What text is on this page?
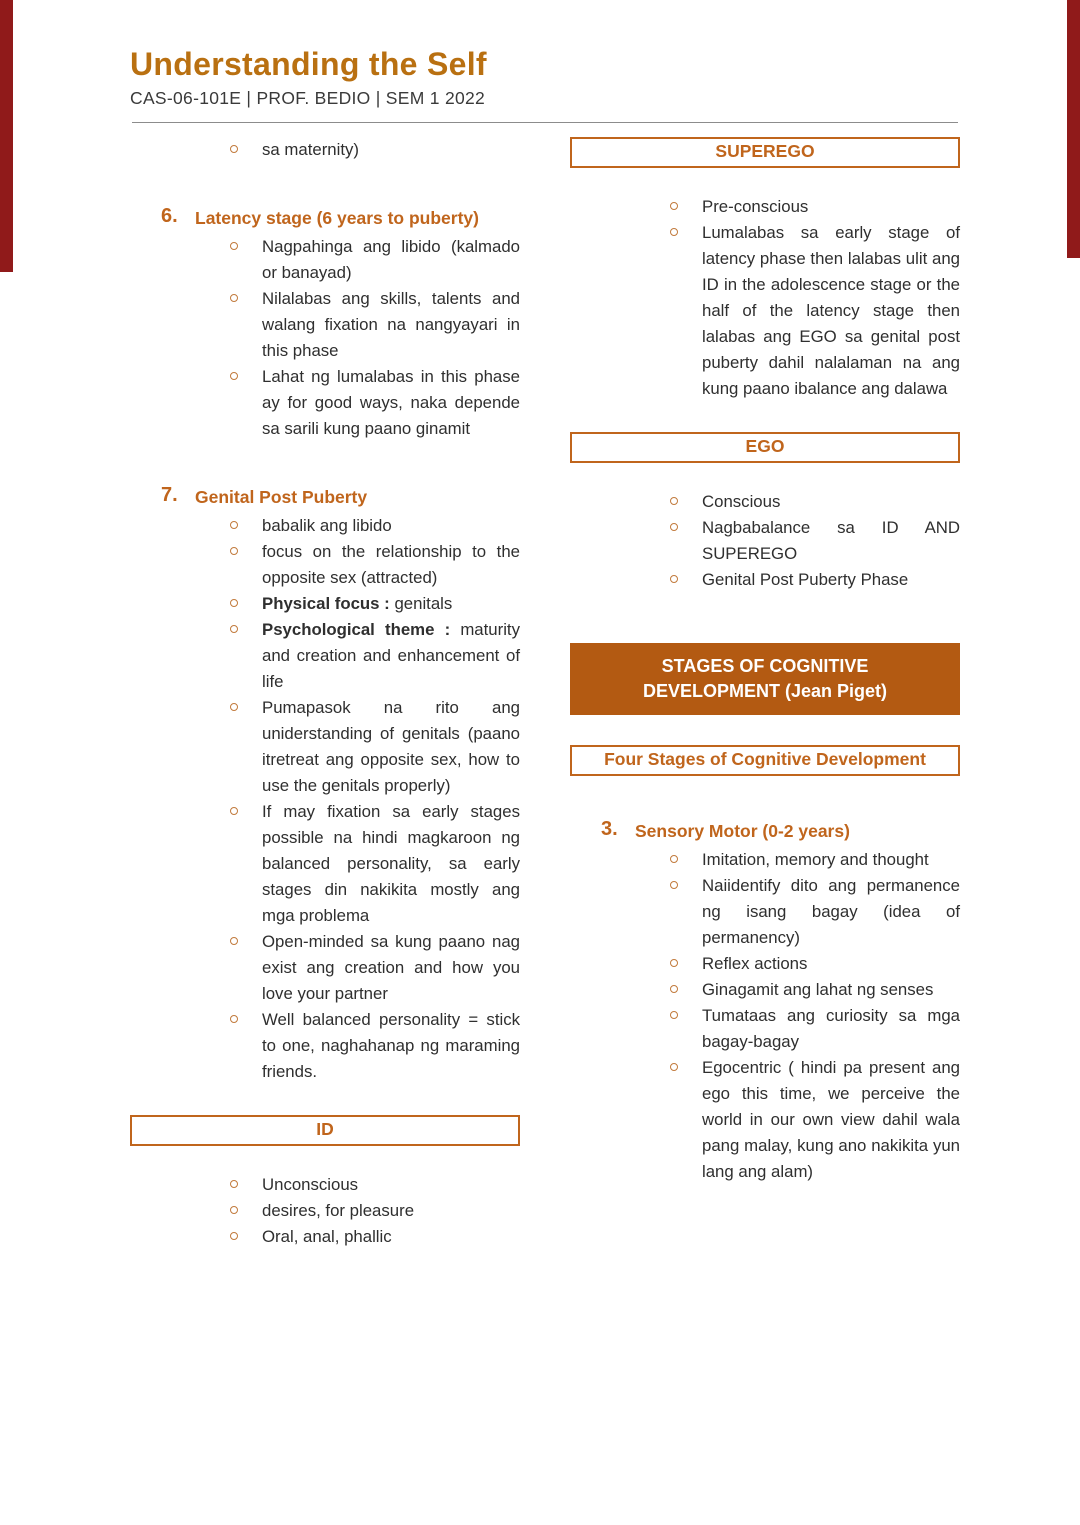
Understanding the Self
CAS-06-101E | PROF. BEDIO | SEM 1 2022
sa maternity)
6. Latency stage (6 years to puberty)
Nagpahinga ang libido (kalmado or banayad)
Nilalabas ang skills, talents and walang fixation na nangyayari in this phase
Lahat ng lumalabas in this phase ay for good ways, naka depende sa sarili kung paano ginamit
7. Genital Post Puberty
babalik ang libido
focus on the relationship to the opposite sex (attracted)
Physical focus : genitals
Psychological theme : maturity and creation and enhancement of life
Pumapasok na rito ang uniderstanding of genitals (paano itretreat ang opposite sex, how to use the genitals properly)
If may fixation sa early stages possible na hindi magkaroon ng balanced personality, sa early stages din nakikita mostly ang mga problema
Open-minded sa kung paano nag exist ang creation and how you love your partner
Well balanced personality = stick to one, naghahanap ng maraming friends.
ID
Unconscious
desires, for pleasure
Oral, anal, phallic
SUPEREGO
Pre-conscious
Lumalabas sa early stage of latency phase then lalabas ulit ang ID in the adolescence stage or the half of the latency stage then lalabas ang EGO sa genital post puberty dahil nalalaman na ang kung paano ibalance ang dalawa
EGO
Conscious
Nagbabalance sa ID AND SUPEREGO
Genital Post Puberty Phase
STAGES OF COGNITIVE DEVELOPMENT (Jean Piget)
Four Stages of Cognitive Development
3. Sensory Motor (0-2 years)
Imitation, memory and thought
Naiidentify dito ang permanence ng isang bagay (idea of permanency)
Reflex actions
Ginagamit ang lahat ng senses
Tumataas ang curiosity sa mga bagay-bagay
Egocentric ( hindi pa present ang ego this time, we perceive the world in our own view dahil wala pang malay, kung ano nakikita yun lang ang alam)
